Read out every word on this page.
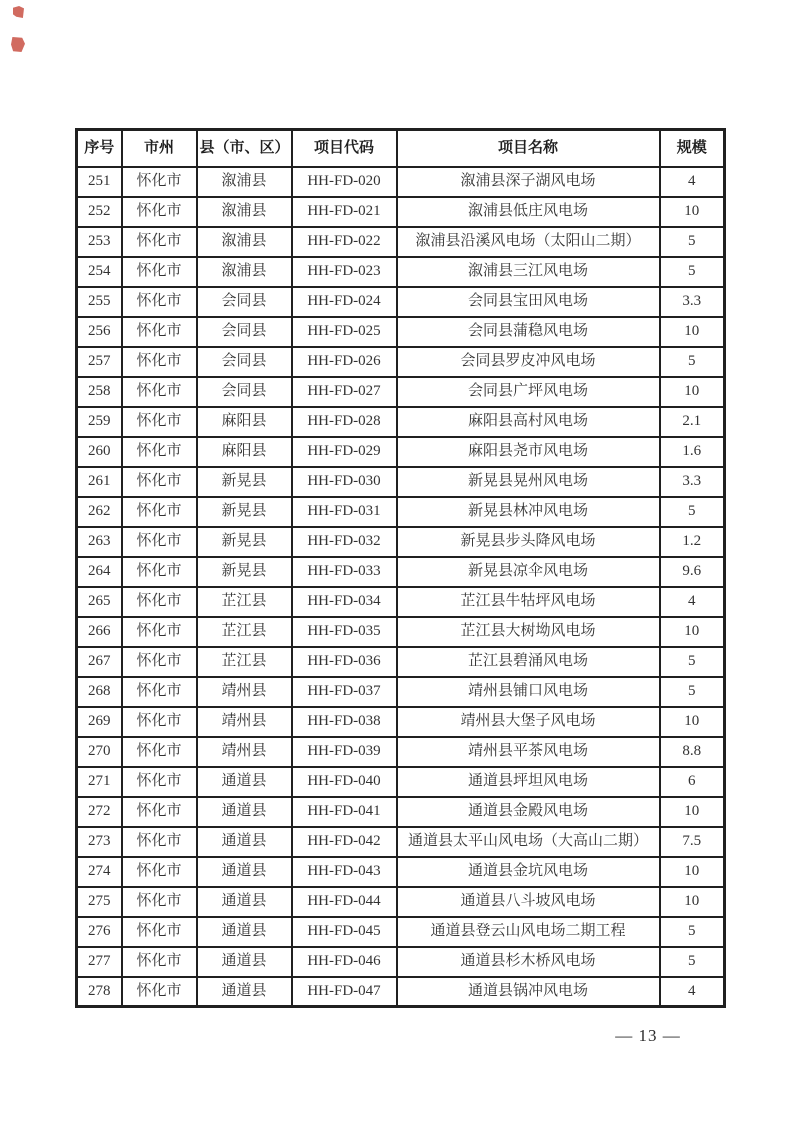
序号	市州	县（市、区）	项目代码	项目名称	规模
251	怀化市	溆浦县	HH-FD-020	溆浦县深子湖风电场	4
252	怀化市	溆浦县	HH-FD-021	溆浦县低庄风电场	10
253	怀化市	溆浦县	HH-FD-022	溆浦县沿溪风电场（太阳山二期）	5
254	怀化市	溆浦县	HH-FD-023	溆浦县三江风电场	5
255	怀化市	会同县	HH-FD-024	会同县宝田风电场	3.3
256	怀化市	会同县	HH-FD-025	会同县蒲稳风电场	10
257	怀化市	会同县	HH-FD-026	会同县罗皮冲风电场	5
258	怀化市	会同县	HH-FD-027	会同县广坪风电场	10
259	怀化市	麻阳县	HH-FD-028	麻阳县高村风电场	2.1
260	怀化市	麻阳县	HH-FD-029	麻阳县尧市风电场	1.6
261	怀化市	新晃县	HH-FD-030	新晃县晃州风电场	3.3
262	怀化市	新晃县	HH-FD-031	新晃县林冲风电场	5
263	怀化市	新晃县	HH-FD-032	新晃县步头降风电场	1.2
264	怀化市	新晃县	HH-FD-033	新晃县凉伞风电场	9.6
265	怀化市	芷江县	HH-FD-034	芷江县牛牯坪风电场	4
266	怀化市	芷江县	HH-FD-035	芷江县大树坳风电场	10
267	怀化市	芷江县	HH-FD-036	芷江县碧涌风电场	5
268	怀化市	靖州县	HH-FD-037	靖州县铺口风电场	5
269	怀化市	靖州县	HH-FD-038	靖州县大堡子风电场	10
270	怀化市	靖州县	HH-FD-039	靖州县平茶风电场	8.8
271	怀化市	通道县	HH-FD-040	通道县坪坦风电场	6
272	怀化市	通道县	HH-FD-041	通道县金殿风电场	10
273	怀化市	通道县	HH-FD-042	通道县太平山风电场（大高山二期）	7.5
274	怀化市	通道县	HH-FD-043	通道县金坑风电场	10
275	怀化市	通道县	HH-FD-044	通道县八斗坡风电场	10
276	怀化市	通道县	HH-FD-045	通道县登云山风电场二期工程	5
277	怀化市	通道县	HH-FD-046	通道县杉木桥风电场	5
278	怀化市	通道县	HH-FD-047	通道县锅冲风电场	4
— 13 —
